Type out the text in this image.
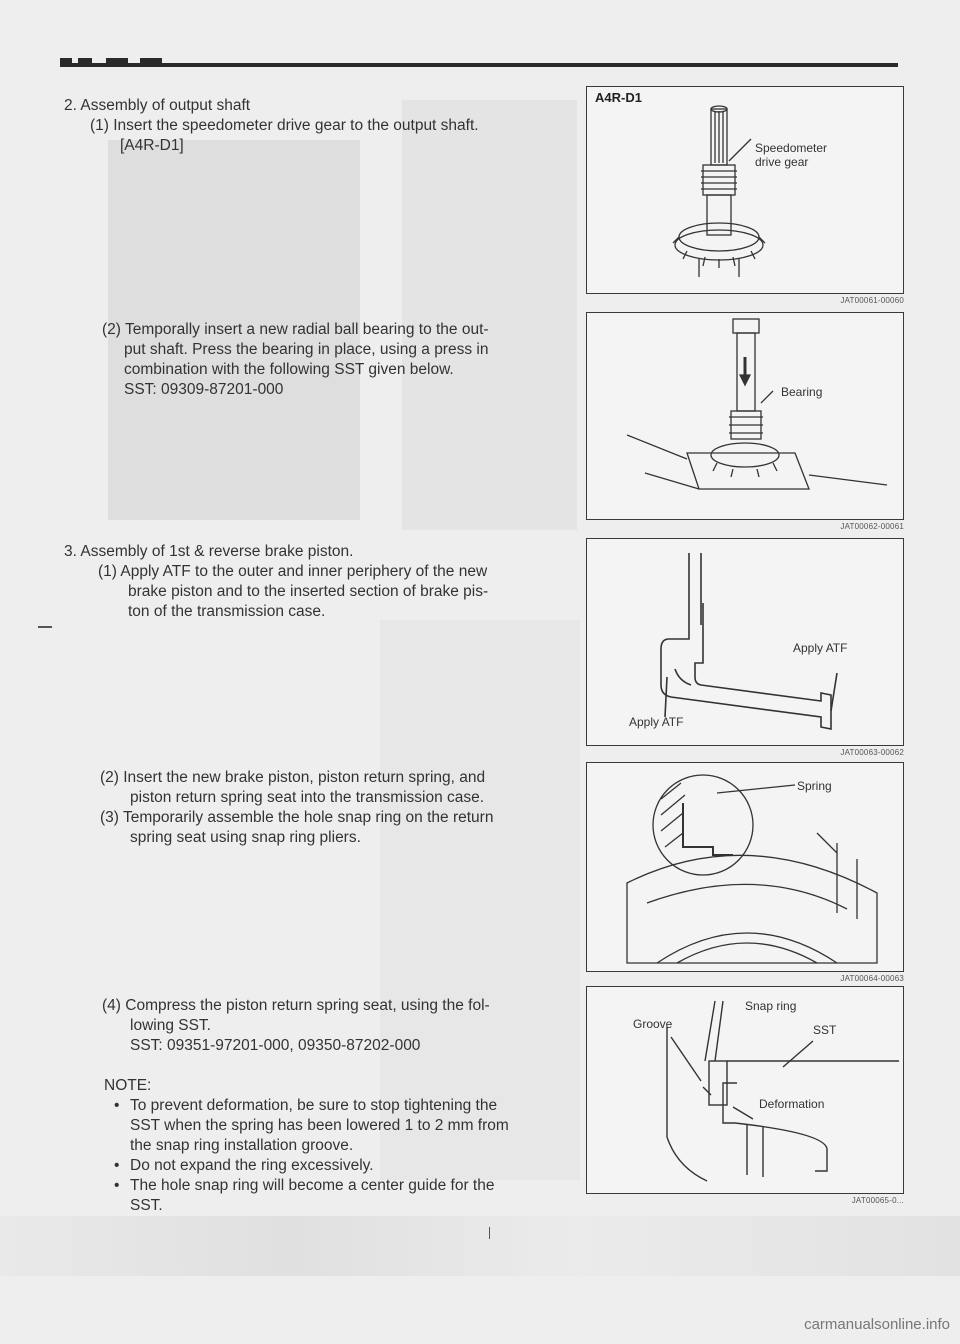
2. Assembly of output shaft
(1) Insert the speedometer drive gear to the output shaft.
[A4R-D1]
(2) Temporally insert a new radial ball bearing to the out-
put shaft. Press the bearing in place, using a press in
combination with the following SST given below.
SST: 09309-87201-000
3. Assembly of 1st & reverse brake piston.
(1) Apply ATF to the outer and inner periphery of the new
brake piston and to the inserted section of brake pis-
ton of the transmission case.
(2) Insert the new brake piston, piston return spring, and
piston return spring seat into the transmission case.
(3) Temporarily assemble the hole snap ring on the return
spring seat using snap ring pliers.
(4) Compress the piston return spring seat, using the fol-
lowing SST.
SST: 09351-97201-000, 09350-87202-000
NOTE:
• To prevent deformation, be sure to stop tightening the
SST when the spring has been lowered 1 to 2 mm from
the snap ring installation groove.
• Do not expand the ring excessively.
• The hole snap ring will become a center guide for the
SST.
A4R-D1
Speedometer
drive gear
JAT00061-00060
Bearing
JAT00062-00061
Apply ATF
Apply ATF
JAT00063-00062
Spring
JAT00064-00063
Snap ring
Groove	SST
Deformation
JAT00065-0...
carmanualsonline.info
